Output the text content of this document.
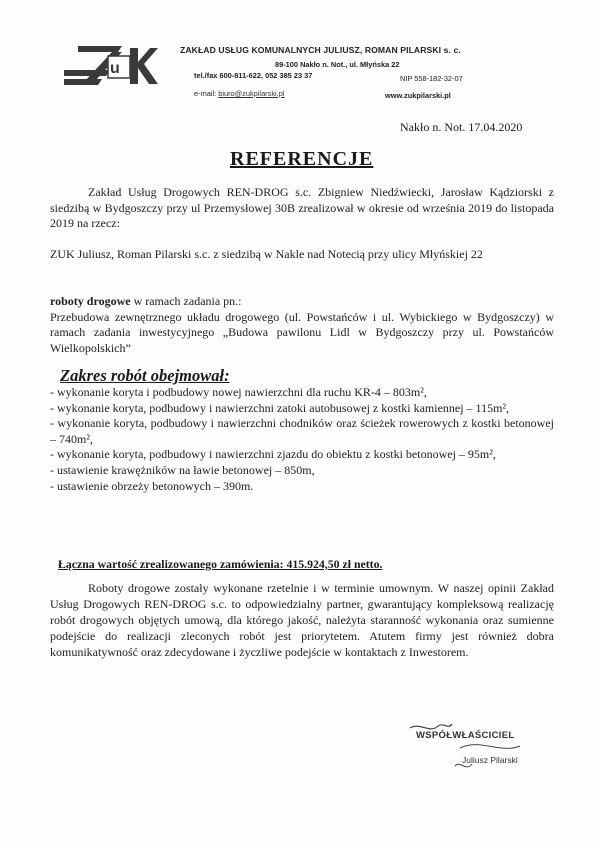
u
ZAKŁAD USŁUG KOMUNALNYCH JULIUSZ, ROMAN PILARSKI s. c.
89-100 Nakło n. Not., ul. Młyńska 22
tel./fax 600-811-622, 052 385 23 37	NIP 558-182-32-07
e-mail: biuro@zukpilarski.pl	www.zukpilarski.pl
Nakło n. Not. 17.04.2020
REFERENCJE
Zakład Usług Drogowych REN-DROG s.c. Zbigniew Niedźwiecki, Jarosław Kądziorski z siedzibą w Bydgoszczy przy ul Przemysłowej 30B zrealizował w okresie od września 2019 do listopada 2019 na rzecz:
ZUK Juliusz, Roman Pilarski s.c. z siedzibą w Nakle nad Notecią przy ulicy Młyńskiej 22
roboty drogowe w ramach zadania pn.:
Przebudowa zewnętrznego układu drogowego (ul. Powstańców i ul. Wybickiego w Bydgoszczy) w ramach zadania inwestycyjnego „Budowa pawilonu Lidl w Bydgoszczy przy ul. Powstańców Wielkopolskich”
Zakres robót obejmował:
- wykonanie koryta i podbudowy nowej nawierzchni dla ruchu KR-4 – 803m²,
- wykonanie koryta, podbudowy i nawierzchni zatoki autobusowej z kostki kamiennej – 115m²,
- wykonanie koryta, podbudowy i nawierzchni chodników oraz ścieżek rowerowych z kostki betonowej – 740m²,
- wykonanie koryta, podbudowy i nawierzchni zjazdu do obiektu z kostki betonowej – 95m²,
- ustawienie krawężników na ławie betonowej – 850m,
- ustawienie obrzeży betonowych – 390m.
Łączna wartość zrealizowanego zamówienia: 415.924,50 zł netto.
Roboty drogowe zostały wykonane rzetelnie i w terminie umownym. W naszej opinii Zakład Usług Drogowych REN-DROG s.c. to odpowiedzialny partner, gwarantujący kompleksową realizację robót drogowych objętych umową, dla którego jakość, należyta staranność wykonania oraz sumienne podejście do realizacji zleconych robót jest priorytetem. Atutem firmy jest również dobra komunikatywność oraz zdecydowane i życzliwe podejście w kontaktach z Inwestorem.
WSPÓŁWŁAŚCICIEL
Juliusz Pilarski
